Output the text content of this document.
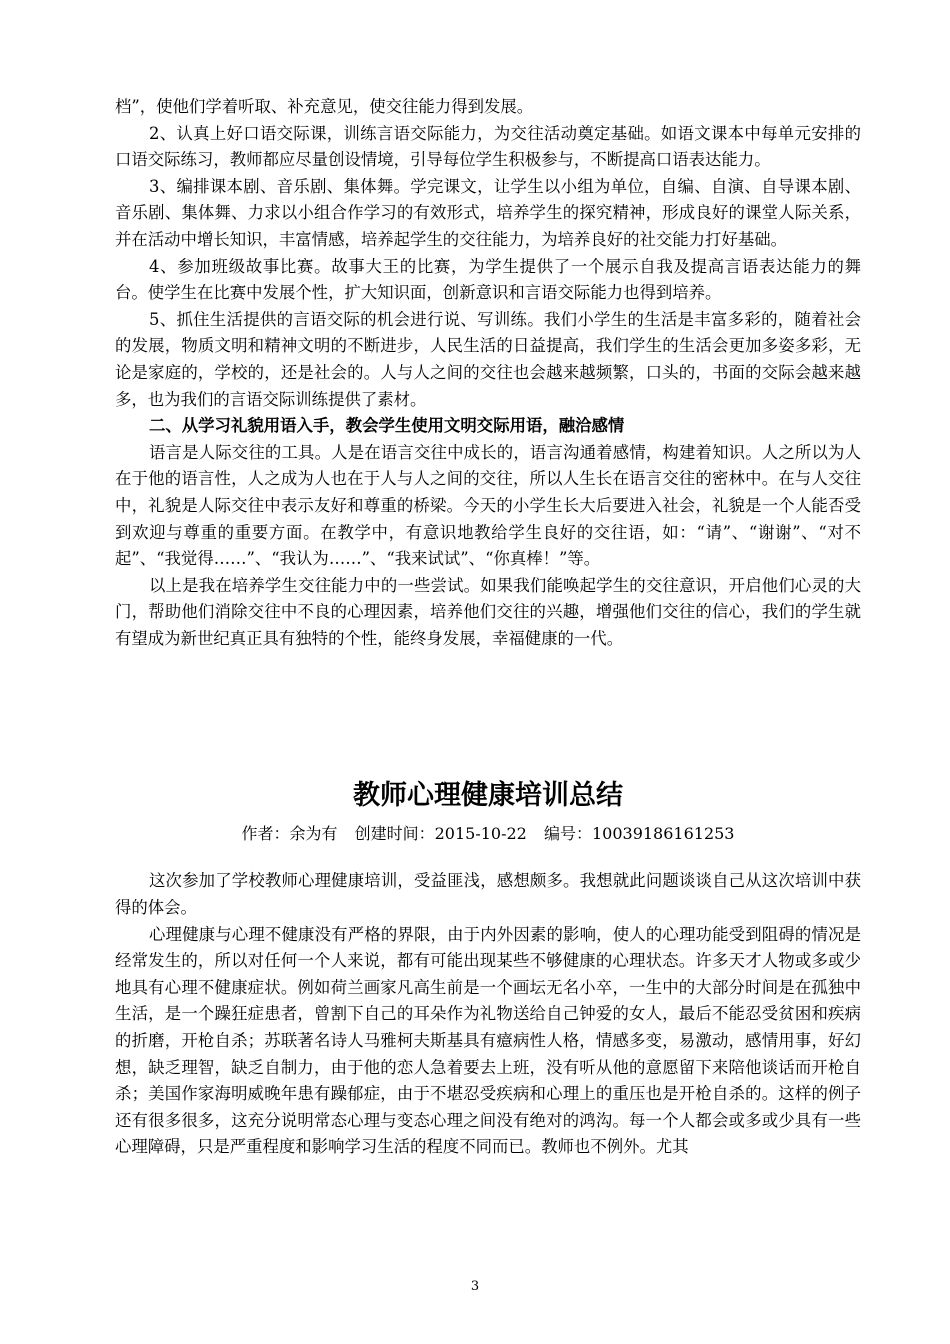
档”，使他们学着听取、补充意见，使交往能力得到发展。

2、认真上好口语交际课，训练言语交际能力，为交往活动奠定基础。如语文课本中每单元安排的口语交际练习，教师都应尽量创设情境，引导每位学生积极参与，不断提高口语表达能力。

3、编排课本剧、音乐剧、集体舞。学完课文，让学生以小组为单位，自编、自演、自导课本剧、音乐剧、集体舞、力求以小组合作学习的有效形式，培养学生的探究精神，形成良好的课堂人际关系，并在活动中增长知识，丰富情感，培养起学生的交往能力，为培养良好的社交能力打好基础。

4、参加班级故事比赛。故事大王的比赛，为学生提供了一个展示自我及提高言语表达能力的舞台。使学生在比赛中发展个性，扩大知识面，创新意识和言语交际能力也得到培养。

5、抓住生活提供的言语交际的机会进行说、写训练。我们小学生的生活是丰富多彩的，随着社会的发展，物质文明和精神文明的不断进步，人民生活的日益提高，我们学生的生活会更加多姿多彩，无论是家庭的，学校的，还是社会的。人与人之间的交往也会越来越频繁，口头的，书面的交际会越来越多，也为我们的言语交际训练提供了素材。

二、从学习礼貌用语入手，教会学生使用文明交际用语，融洽感情

语言是人际交往的工具。人是在语言交往中成长的，语言沟通着感情，构建着知识。人之所以为人在于他的语言性，人之成为人也在于人与人之间的交往，所以人生长在语言交往的密林中。在与人交往中，礼貌是人际交往中表示友好和尊重的桥梁。今天的小学生长大后要进入社会，礼貌是一个人能否受到欢迎与尊重的重要方面。在教学中，有意识地教给学生良好的交往语，如：“请”、“谢谢”、“对不起”、“我觉得……”、“我认为……”、“我来试试”、“你真棒！”等。

以上是我在培养学生交往能力中的一些尝试。如果我们能唤起学生的交往意识，开启他们心灵的大门，帮助他们消除交往中不良的心理因素，培养他们交往的兴趣，增强他们交往的信心，我们的学生就有望成为新世纪真正具有独特的个性，能终身发展，幸福健康的一代。

教师心理健康培训总结
作者：余为有 创建时间：2015-10-22 编号：10039186161253

这次参加了学校教师心理健康培训，受益匪浅，感想颇多。我想就此问题谈谈自己从这次培训中获得的体会。

心理健康与心理不健康没有严格的界限，由于内外因素的影响，使人的心理功能受到阻碍的情况是经常发生的，所以对任何一个人来说，都有可能出现某些不够健康的心理状态。许多天才人物或多或少地具有心理不健康症状。例如荷兰画家凡高生前是一个画坛无名小卒，一生中的大部分时间是在孤独中生活，是一个躁狂症患者，曾割下自己的耳朵作为礼物送给自己钟爱的女人，最后不能忍受贫困和疾病的折磨，开枪自杀；苏联著名诗人马雅柯夫斯基具有癔病性人格，情感多变，易激动，感情用事，好幻想，缺乏理智，缺乏自制力，由于他的恋人急着要去上班，没有听从他的意愿留下来陪他谈话而开枪自杀；美国作家海明威晚年患有躁郁症，由于不堪忍受疾病和心理上的重压也是开枪自杀的。这样的例子还有很多很多，这充分说明常态心理与变态心理之间没有绝对的鸿沟。每一个人都会或多或少具有一些心理障碍，只是严重程度和影响学习生活的程度不同而已。教师也不例外。尤其

3
